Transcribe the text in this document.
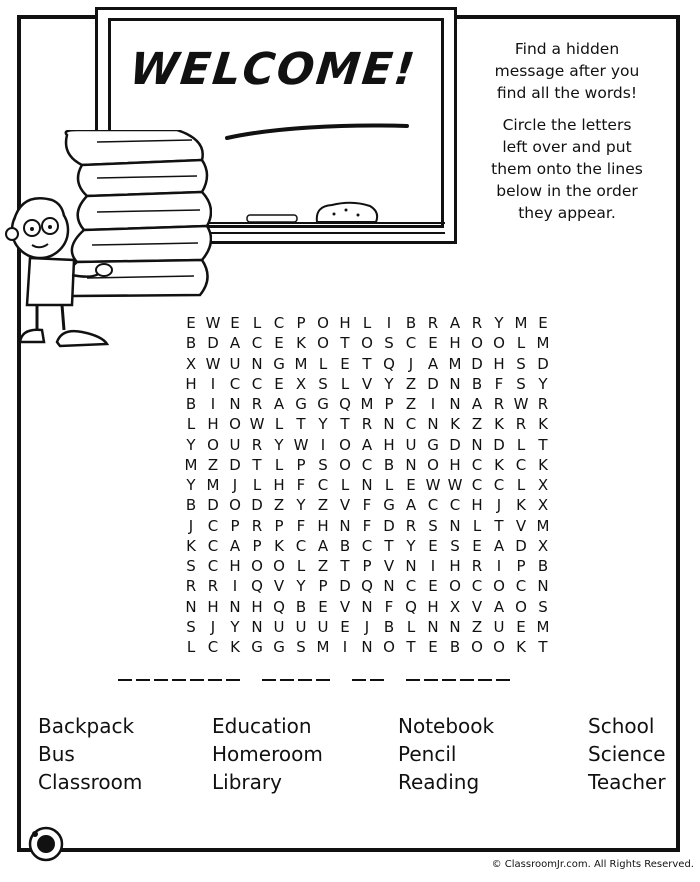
WELCOME!	Find a hidden
message after you
find all the words!

Circle the letters
left over and put
them onto the lines
below in the order
they appear.

E W E L C P O H L	I B R A R Y M E
B D A C E K O T O S C E H O O L M
X W U N G M L E T Q J A M D H S D
H I C C E X S L V Y Z D N B F S Y
B I N R A G G Q M P Z I N A R W R
L H O W L T Y T R N C N K Z K R K
Y O U R Y W I O A H U G D N D L T
M Z D T L P S O C B N O H C K C K
Y M J	L H F C L N L E W W C C L X
B D O D Z Y Z V F G A C C H J K X
J C P R P F H N F D R S N L T V M
K C A P K C A B C T Y E S E A D X
S C H O O L Z T P V N I H R I	P B
R R I Q V Y P D Q N C E O C O C N
N H N H Q B E V N F Q H X V A O S
S	J	Y N U U U E	J B L N N Z U E M
L C K G G S M I N O T E B O O K T
Backpack
Bus
Classroom
Education
Homeroom
Library
Notebook
Pencil
Reading
School
Science
Teacher
© ClassroomJr.com. All Rights Reserved.
